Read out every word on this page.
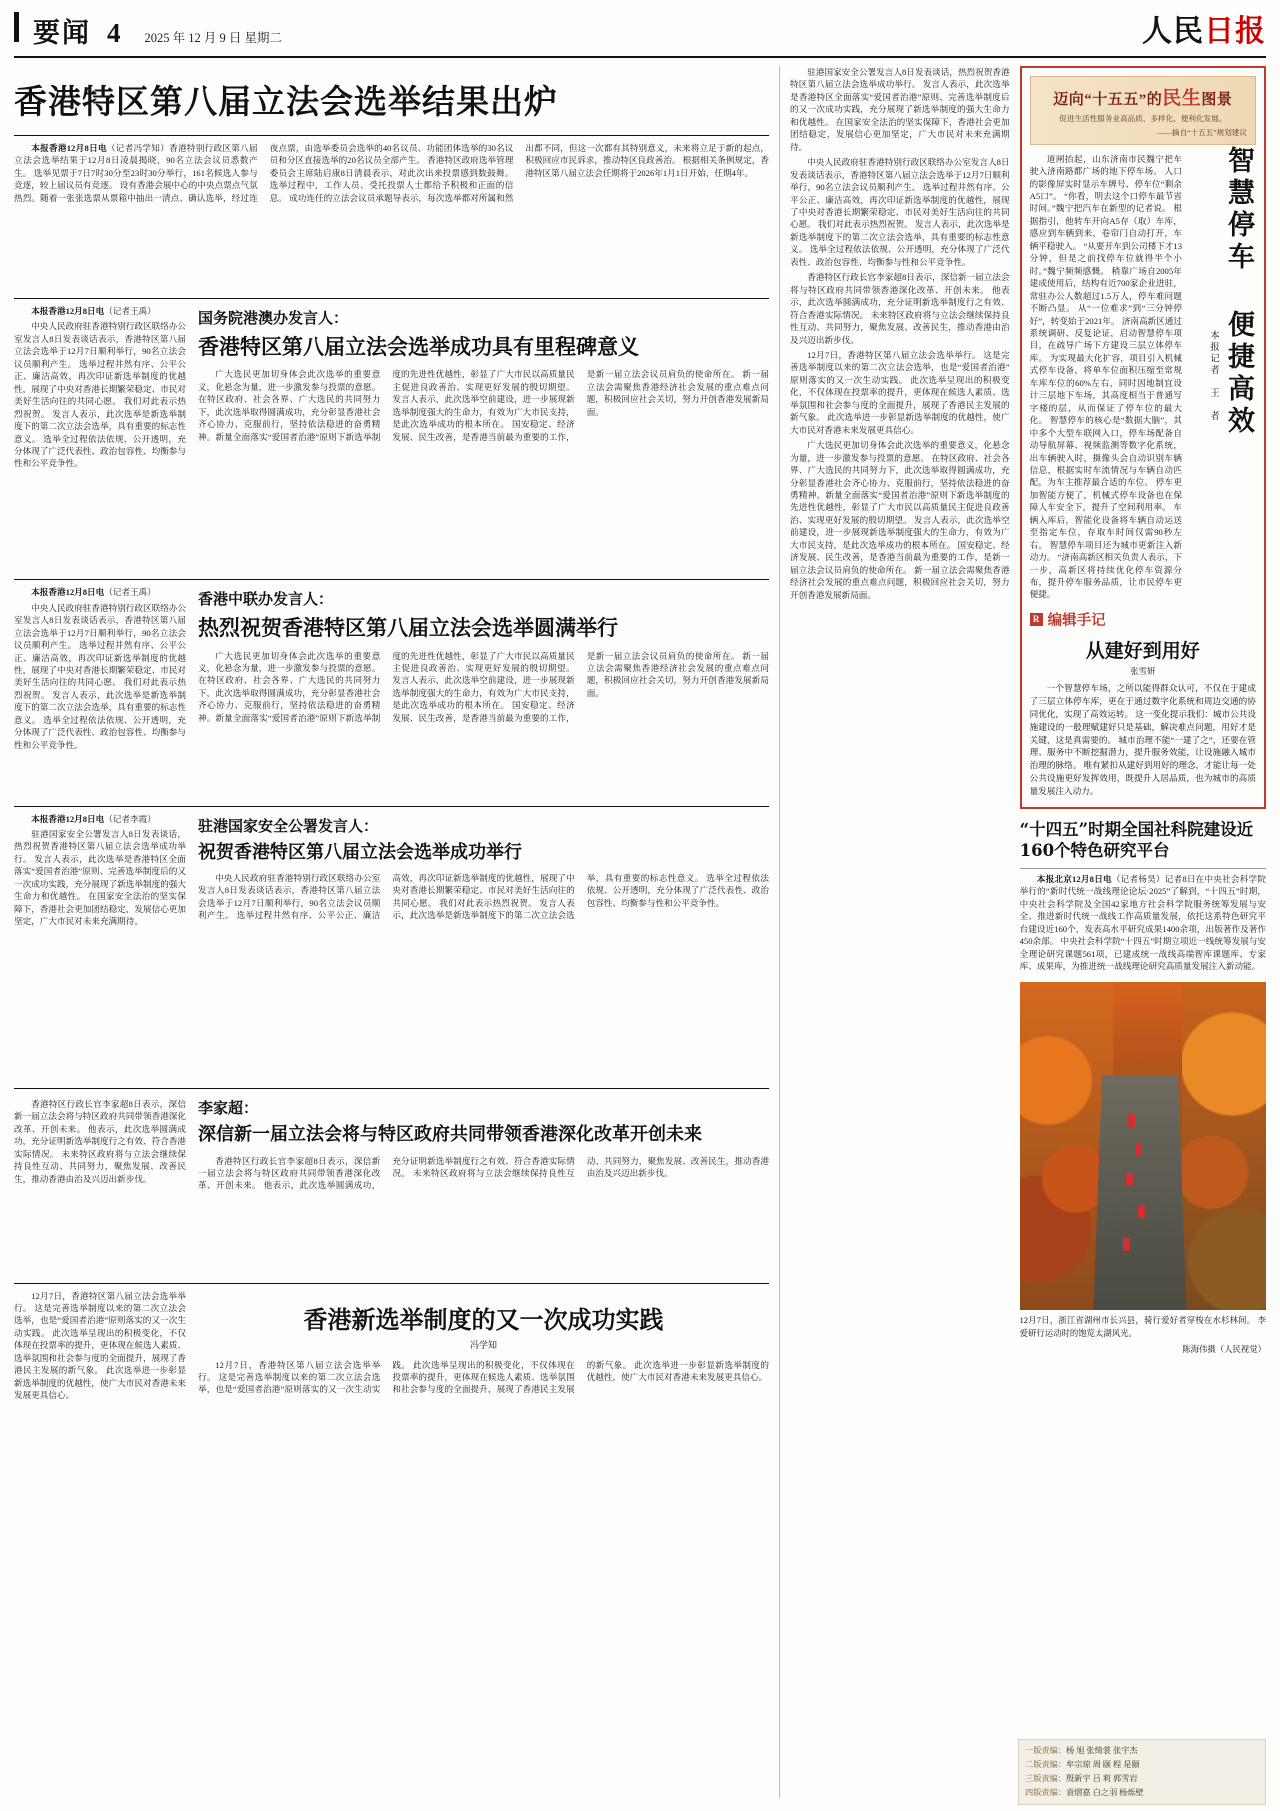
要闻 4 2025 年 12 月 9 日 星期二	人民日报
香港特区第八届立法会选举结果出炉

本报香港12月8日电（记者冯学知）香港特别行政区第八届立法会选举结果于12月8日凌晨揭晓，90名立法会议员悉数产生。 选举见票于7日7时30分至23时30分举行，161名候选人参与竞逐，较上届议员有竞逐。 设有香港会展中心的中央点票点气氛热烈。随着一张张选票从票箱中抽出一清点、确认选举，经过连夜点票，由选举委员会选举的40名议员、功能团体选举的30名议员和分区直接选举的20名议员全部产生。 香港特区政府选举管理委员会主席陆启康8日清晨表示，对此次出来投票感到数鼓舞。选举过程中，工作人员、受托投票人士都给予积极和正面的信息。 成功连任的立法会议员承题导表示，每次选举都对所属和然出都不同，但这一次都有其特别意义，未来将立足于新的起点，积极回应市民诉求，推动特区良政善治。 根据相关条例规定，香港特区第八届立法会任期将于2026年1月1日开始，任期4年。

本报香港12月8日电（记者王禹）

中央人民政府驻香港特别行政区联络办公室发言人8日发表谈话表示，香港特区第八届立法会选举于12月7日顺利举行，90名立法会议员顺利产生。 选举过程井然有序、公平公正、廉洁高效，再次印证新选举制度的优越性，展现了中央对香港长期繁荣稳定、市民对美好生活向往的共同心愿。 我们对此表示热烈祝贺。 发言人表示，此次选举是新选举制度下的第二次立法会选举，具有重要的标志性意义。 选举全过程依法依规、公开透明，充分体现了广泛代表性、政治包容性、均衡参与性和公平竞争性。

国务院港澳办发言人：
香港特区第八届立法会选举成功具有里程碑意义

广大选民更加切身体会此次选举的重要意义，化悬念为量，进一步激发参与投票的意愿。 在特区政府、社会各界、广大选民的共同努力下，此次选举取得圆满成功，充分彰显香港社会齐心协力、克服前行，坚持依法稳进的奋勇精神。新量全面落实“爱国者治港”原则下新选举制度的先进性优越性，彰显了广大市民以高质量民主促进良政善治、实现更好发展的殷切期望。 发言人表示，此次选举空前建设，进一步展现新选举制度强大的生命力，有效为广大市民支持，是此次选举成功的根本所在。 国安稳定、经济发展、民生改善，是香港当前最为重要的工作，是新一届立法会议员肩负的使命所在。 新一届立法会需聚焦香港经济社会发展的重点难点问题，积极回应社会关切，努力开创香港发展新局面。

本报香港12月8日电（记者王禹）

中央人民政府驻香港特别行政区联络办公室发言人8日发表谈话表示，香港特区第八届立法会选举于12月7日顺利举行，90名立法会议员顺利产生。 选举过程井然有序、公平公正、廉洁高效，再次印证新选举制度的优越性，展现了中央对香港长期繁荣稳定、市民对美好生活向往的共同心愿。 我们对此表示热烈祝贺。 发言人表示，此次选举是新选举制度下的第二次立法会选举，具有重要的标志性意义。 选举全过程依法依规、公开透明，充分体现了广泛代表性、政治包容性、均衡参与性和公平竞争性。

香港中联办发言人：
热烈祝贺香港特区第八届立法会选举圆满举行

广大选民更加切身体会此次选举的重要意义，化悬念为量，进一步激发参与投票的意愿。 在特区政府、社会各界、广大选民的共同努力下，此次选举取得圆满成功，充分彰显香港社会齐心协力、克服前行，坚持依法稳进的奋勇精神。新量全面落实“爱国者治港”原则下新选举制度的先进性优越性，彰显了广大市民以高质量民主促进良政善治、实现更好发展的殷切期望。 发言人表示，此次选举空前建设，进一步展现新选举制度强大的生命力，有效为广大市民支持，是此次选举成功的根本所在。 国安稳定、经济发展、民生改善，是香港当前最为重要的工作，是新一届立法会议员肩负的使命所在。 新一届立法会需聚焦香港经济社会发展的重点难点问题，积极回应社会关切，努力开创香港发展新局面。

本报香港12月8日电（记者李霞）

驻港国家安全公署发言人8日发表谈话，热烈祝贺香港特区第八届立法会选举成功举行。 发言人表示，此次选举是香港特区全面落实“爱国者治港”原则、完善选举制度后的又一次成功实践，充分展现了新选举制度的强大生命力和优越性。 在国家安全法治的坚实保障下，香港社会更加团结稳定，发展信心更加坚定，广大市民对未来充满期待。

驻港国家安全公署发言人：
祝贺香港特区第八届立法会选举成功举行

中央人民政府驻香港特别行政区联络办公室发言人8日发表谈话表示，香港特区第八届立法会选举于12月7日顺利举行，90名立法会议员顺利产生。 选举过程井然有序、公平公正、廉洁高效，再次印证新选举制度的优越性，展现了中央对香港长期繁荣稳定、市民对美好生活向往的共同心愿。 我们对此表示热烈祝贺。 发言人表示，此次选举是新选举制度下的第二次立法会选举，具有重要的标志性意义。 选举全过程依法依规、公开透明，充分体现了广泛代表性、政治包容性、均衡参与性和公平竞争性。

香港特区行政长官李家超8日表示，深信新一届立法会将与特区政府共同带领香港深化改革、开创未来。 他表示，此次选举圆满成功，充分证明新选举制度行之有效、符合香港实际情况。 未来特区政府将与立法会继续保持良性互动、共同努力，聚焦发展、改善民生，推动香港由治及兴迈出新步伐。

李家超：
深信新一届立法会将与特区政府共同带领香港深化改革开创未来

香港特区行政长官李家超8日表示，深信新一届立法会将与特区政府共同带领香港深化改革、开创未来。 他表示，此次选举圆满成功，充分证明新选举制度行之有效、符合香港实际情况。 未来特区政府将与立法会继续保持良性互动、共同努力，聚焦发展、改善民生，推动香港由治及兴迈出新步伐。

12月7日，香港特区第八届立法会选举举行。 这是完善选举制度以来的第二次立法会选举，也是“爱国者治港”原则落实的又一次生动实践。 此次选举呈现出的积极变化，不仅体现在投票率的提升，更体现在候选人素质、选举氛围和社会参与度的全面提升，展现了香港民主发展的新气象。 此次选举进一步彰显新选举制度的优越性，使广大市民对香港未来发展更具信心。

香港新选举制度的又一次成功实践
冯学知

12月7日，香港特区第八届立法会选举举行。 这是完善选举制度以来的第二次立法会选举，也是“爱国者治港”原则落实的又一次生动实践。 此次选举呈现出的积极变化，不仅体现在投票率的提升，更体现在候选人素质、选举氛围和社会参与度的全面提升，展现了香港民主发展的新气象。 此次选举进一步彰显新选举制度的优越性，使广大市民对香港未来发展更具信心。

驻港国家安全公署发言人8日发表谈话，热烈祝贺香港特区第八届立法会选举成功举行。 发言人表示，此次选举是香港特区全面落实“爱国者治港”原则、完善选举制度后的又一次成功实践，充分展现了新选举制度的强大生命力和优越性。 在国家安全法治的坚实保障下，香港社会更加团结稳定，发展信心更加坚定，广大市民对未来充满期待。

中央人民政府驻香港特别行政区联络办公室发言人8日发表谈话表示，香港特区第八届立法会选举于12月7日顺利举行，90名立法会议员顺利产生。 选举过程井然有序、公平公正、廉洁高效，再次印证新选举制度的优越性，展现了中央对香港长期繁荣稳定、市民对美好生活向往的共同心愿。 我们对此表示热烈祝贺。 发言人表示，此次选举是新选举制度下的第二次立法会选举，具有重要的标志性意义。 选举全过程依法依规、公开透明，充分体现了广泛代表性、政治包容性、均衡参与性和公平竞争性。

香港特区行政长官李家超8日表示，深信新一届立法会将与特区政府共同带领香港深化改革、开创未来。 他表示，此次选举圆满成功，充分证明新选举制度行之有效、符合香港实际情况。 未来特区政府将与立法会继续保持良性互动、共同努力，聚焦发展、改善民生，推动香港由治及兴迈出新步伐。

12月7日，香港特区第八届立法会选举举行。 这是完善选举制度以来的第二次立法会选举，也是“爱国者治港”原则落实的又一次生动实践。 此次选举呈现出的积极变化，不仅体现在投票率的提升，更体现在候选人素质、选举氛围和社会参与度的全面提升，展现了香港民主发展的新气象。 此次选举进一步彰显新选举制度的优越性，使广大市民对香港未来发展更具信心。

广大选民更加切身体会此次选举的重要意义，化悬念为量，进一步激发参与投票的意愿。 在特区政府、社会各界、广大选民的共同努力下，此次选举取得圆满成功，充分彰显香港社会齐心协力、克服前行，坚持依法稳进的奋勇精神。新量全面落实“爱国者治港”原则下新选举制度的先进性优越性，彰显了广大市民以高质量民主促进良政善治、实现更好发展的殷切期望。 发言人表示，此次选举空前建设，进一步展现新选举制度强大的生命力，有效为广大市民支持，是此次选举成功的根本所在。 国安稳定、经济发展、民生改善，是香港当前最为重要的工作，是新一届立法会议员肩负的使命所在。 新一届立法会需聚焦香港经济社会发展的重点难点问题，积极回应社会关切，努力开创香港发展新局面。

迈向“十五五”的民生图景
促进生活性服务业高品质、多样化、便利化发展。
——摘自“十五五”规划建议
智慧停车 便捷高效
本报记者　王　者

道闸抬起，山东济南市民魏宁把车驶入济南路都广场的地下停车场。 人口的影像屏实时显示车牌号、停车位“剩余A5口”。 “你看，明去这个口停车最节省时间。”魏宁把汽车在新型的记者说。 根据指引，他转车开向A5存（取）车库，感应到车辆到来，卷帘门自动打开，车辆平稳驶入。 “从要开车到公司楼下才13分钟，但是之前找停车位就得半个小时。”魏宁频频感慨。 稍靠广场自2005年建成使用后，结构有近700家企业进驻，常驻办公人数超过1.5万人，停车难问题不断凸显。 从“一位难求”到“三分钟停好”，转变始于2021年。 济南高新区通过系统调研、反复论证，启动智慧停车项目，在疏导广场下方建设三层立体停车库。 为实现最大化扩容，项目引入机械式停车设备，将单车位面积压缩至常规车库车位的60%左右，同时因地制宜设计三层地下车场，其高度相当于普通写字楼的层，从而保证了停车位的最大化。 智慧停车的核心是“数据大脑”，其中多个大型车联网入口，停车场配备自动导航屏幕、视频监测等数字化系统，出车辆驶入时，摄像头会自动识别车辆信息，根据实时车流情况与车辆自动匹配，为车主推荐最合适的车位。 停车更加智能方便了，机械式停车设备也在保障人车安全下，提升了空间利用率。 车辆入库后，智能化设备将车辆自动运送至指定车位，存取车时间仅需90秒左右。 智慧停车项目还为城市更新注入新动力。 “济南高新区相关负责人表示，下一步，高新区将持续优化停车资源分布，提升停车服务品质，让市民停车更便捷。

R 编辑手记
从建好到用好
张雪妍

一个智慧停车场，之所以能得群众认可，不仅在于建成了三层立体停车库，更在于通过数字化系统和周边交通的协同优化，实现了高效运转。 这一变化提示我们：城市公共设施建设的一般理赋建好只是基础，解决难点问题，用好才是关键，这是真需要的。 城市治理不能“一建了之”，还要在管理、服务中不断挖掘潜力，提升服务效能，让设施融入城市治理的脉络。 唯有紧扣从建好到用好的理念，才能让每一处公共设施更好发挥效用，既提升人居品质，也为城市的高质量发展注入动力。

“十四五”时期全国社科院建设近160个特色研究平台

本报北京12月8日电（记者杨昊）记者8日在中央社会科学院举行的“新时代统一战线理论论坛·2025”了解到，“十四五”时期，中央社会科学院及全国42家地方社会科学院服务统筹发展与安全、推进新时代统一战线工作高质量发展，依托这系特色研究平台建设近160个，发表高水平研究成果1400余项，出版著作及著作450余部。 中央社会科学院“十四五”时期立项近一线统筹发展与安全理论研究课题561项，已建成统一战线高端智库课题库、专家库、成果库，为推进统一战线理论研究高质量发展注入新动能。

12月7日，浙江省湖州市长兴县，骑行爱好者穿梭在水杉林间。 李爱研行运动时的饱览太湖风光。
陈海伟摄（人民视觉）
一版责编：杨 旭 张绮裳 张宇杰
二版责编：牟宗琼 周 颐 程 是颐
三版责编：殷新宇 吕 莉 郭雪岩
四版责编：袁熠嘉 白之羽 杨烁壁
